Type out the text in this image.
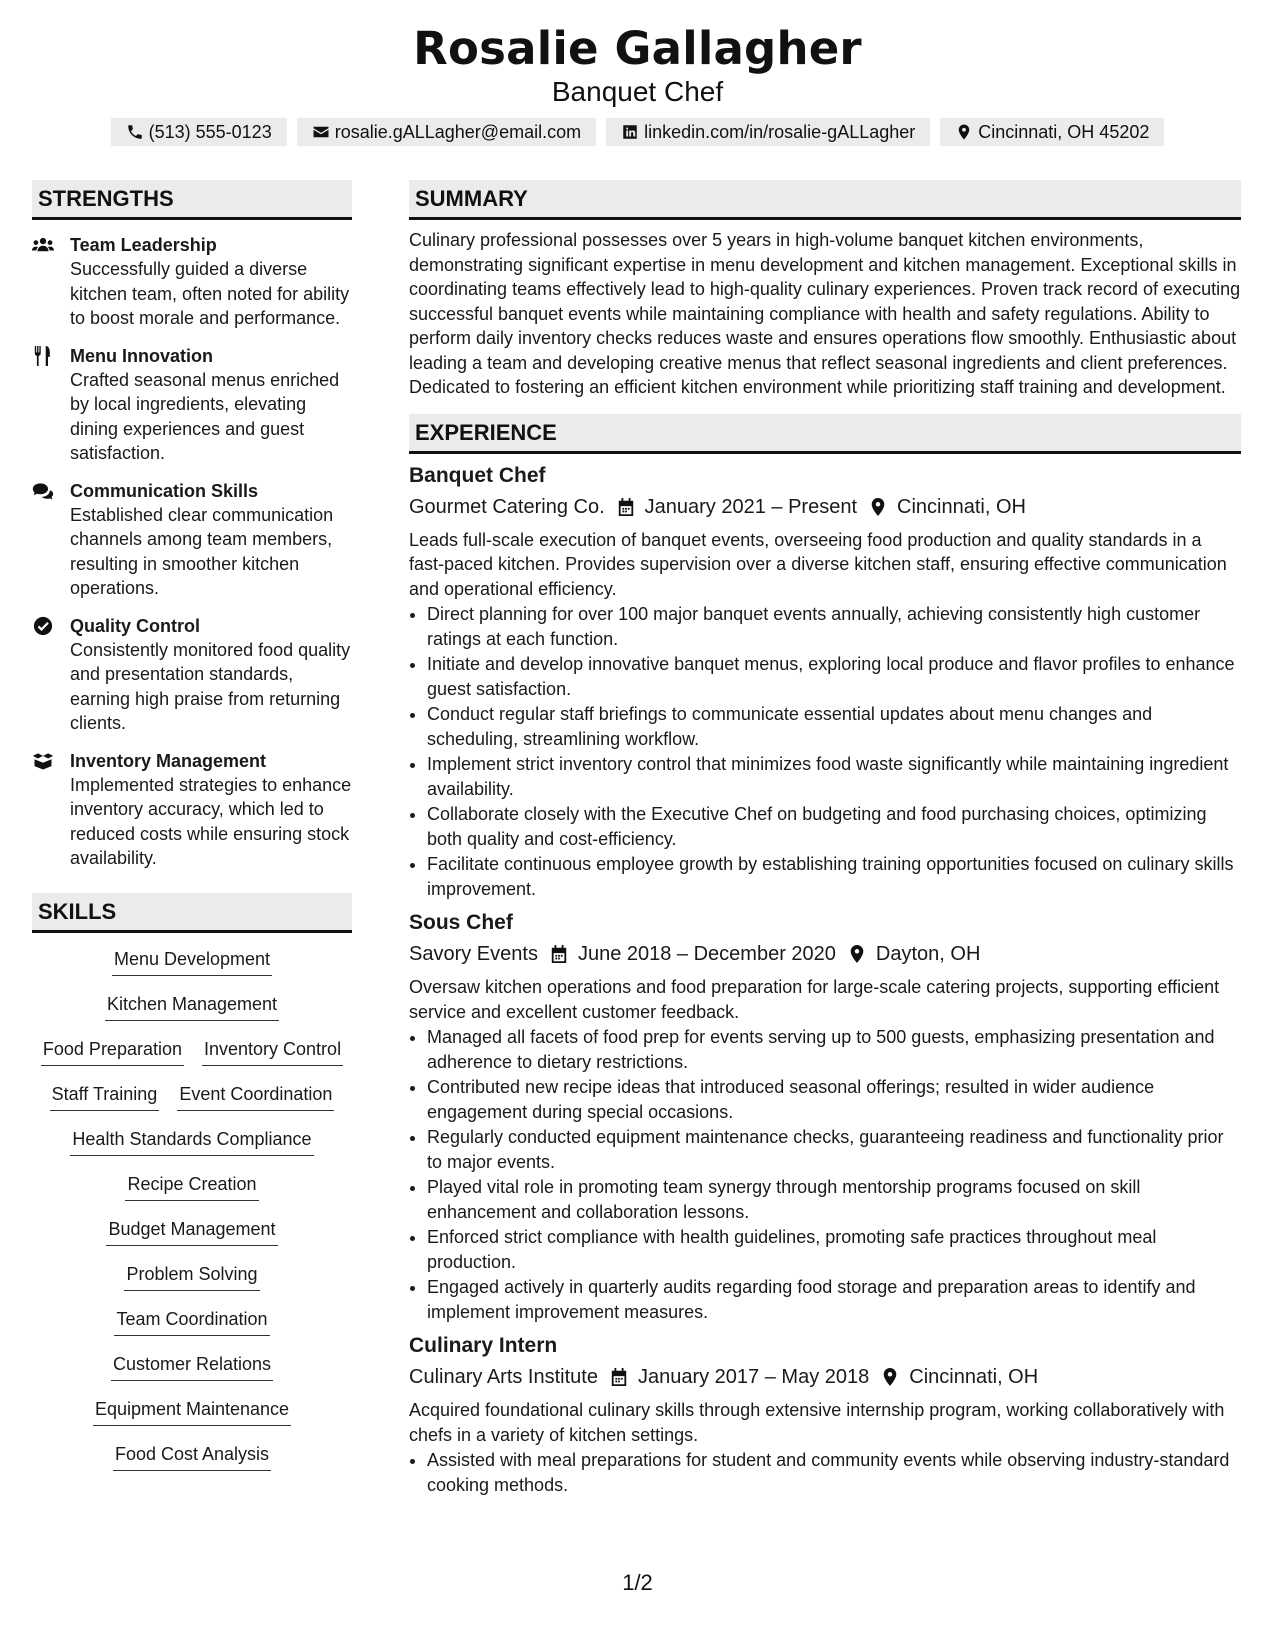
Rosalie Gallagher
Banquet Chef
(513) 555-0123	rosalie.gALLagher@email.com	linkedin.com/in/rosalie-gALLagher	Cincinnati, OH 45202
STRENGTHS
Team Leadership
Successfully guided a diverse kitchen team, often noted for ability to boost morale and performance.
Menu Innovation
Crafted seasonal menus enriched by local ingredients, elevating dining experiences and guest satisfaction.
Communication Skills
Established clear communication channels among team members, resulting in smoother kitchen operations.
Quality Control
Consistently monitored food quality and presentation standards, earning high praise from returning clients.
Inventory Management
Implemented strategies to enhance inventory accuracy, which led to reduced costs while ensuring stock availability.
SKILLS
Menu Development
Kitchen Management
Food Preparation Inventory Control
Staff Training Event Coordination
Health Standards Compliance
Recipe Creation
Budget Management
Problem Solving
Team Coordination
Customer Relations
Equipment Maintenance
Food Cost Analysis
SUMMARY
Culinary professional possesses over 5 years in high-volume banquet kitchen environments, demonstrating significant expertise in menu development and kitchen management. Exceptional skills in coordinating teams effectively lead to high-quality culinary experiences. Proven track record of executing successful banquet events while maintaining compliance with health and safety regulations. Ability to perform daily inventory checks reduces waste and ensures operations flow smoothly. Enthusiastic about leading a team and developing creative menus that reflect seasonal ingredients and client preferences. Dedicated to fostering an efficient kitchen environment while prioritizing staff training and development.
EXPERIENCE
Banquet Chef
Gourmet Catering Co. January 2021 – Present Cincinnati, OH
Leads full-scale execution of banquet events, overseeing food production and quality standards in a fast-paced kitchen. Provides supervision over a diverse kitchen staff, ensuring effective communication and operational efficiency.
• Direct planning for over 100 major banquet events annually, achieving consistently high customer ratings at each function.
• Initiate and develop innovative banquet menus, exploring local produce and flavor profiles to enhance guest satisfaction.
• Conduct regular staff briefings to communicate essential updates about menu changes and scheduling, streamlining workflow.
• Implement strict inventory control that minimizes food waste significantly while maintaining ingredient availability.
• Collaborate closely with the Executive Chef on budgeting and food purchasing choices, optimizing both quality and cost-efficiency.
• Facilitate continuous employee growth by establishing training opportunities focused on culinary skills improvement.
Sous Chef
Savory Events June 2018 – December 2020 Dayton, OH
Oversaw kitchen operations and food preparation for large-scale catering projects, supporting efficient service and excellent customer feedback.
• Managed all facets of food prep for events serving up to 500 guests, emphasizing presentation and adherence to dietary restrictions.
• Contributed new recipe ideas that introduced seasonal offerings; resulted in wider audience engagement during special occasions.
• Regularly conducted equipment maintenance checks, guaranteeing readiness and functionality prior to major events.
• Played vital role in promoting team synergy through mentorship programs focused on skill enhancement and collaboration lessons.
• Enforced strict compliance with health guidelines, promoting safe practices throughout meal production.
• Engaged actively in quarterly audits regarding food storage and preparation areas to identify and implement improvement measures.
Culinary Intern
Culinary Arts Institute January 2017 – May 2018 Cincinnati, OH
Acquired foundational culinary skills through extensive internship program, working collaboratively with chefs in a variety of kitchen settings.
• Assisted with meal preparations for student and community events while observing industry-standard cooking methods.
1/2
